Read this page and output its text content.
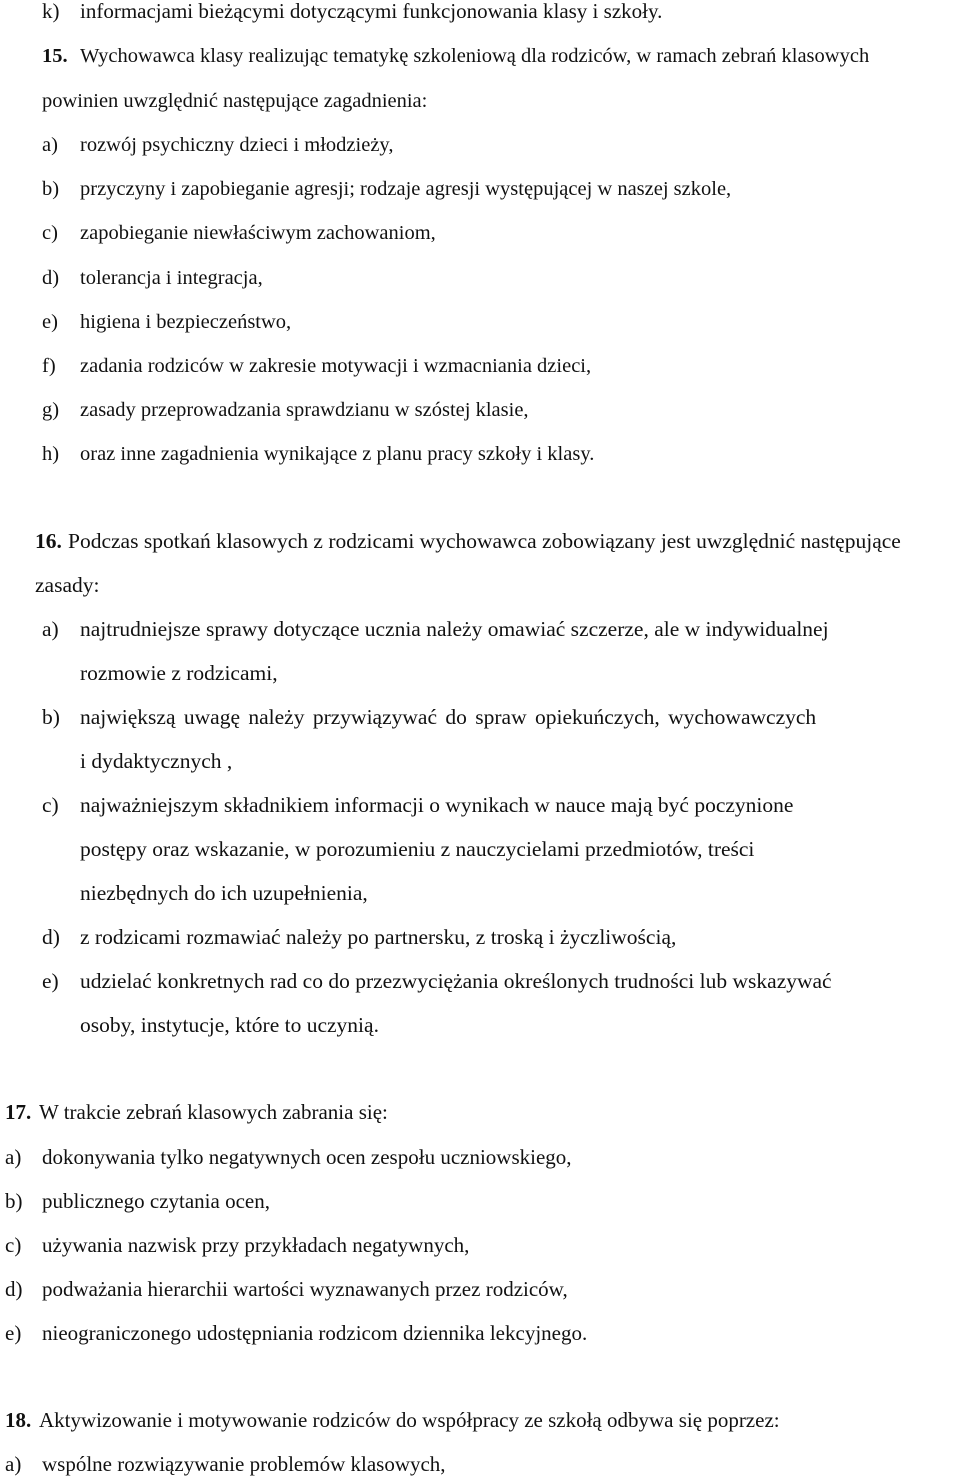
k) informacjami bieżącymi dotyczącymi funkcjonowania klasy i szkoły.
15. Wychowawca klasy realizując tematykę szkoleniową dla rodziców, w ramach zebrań klasowych
powinien uwzględnić następujące zagadnienia:
a) rozwój psychiczny dzieci i młodzieży,
b) przyczyny i zapobieganie agresji; rodzaje agresji występującej w naszej szkole,
c) zapobieganie niewłaściwym zachowaniom,
d) tolerancja i integracja,
e) higiena i bezpieczeństwo,
f) zadania rodziców w zakresie motywacji i wzmacniania dzieci,
g) zasady przeprowadzania sprawdzianu w szóstej klasie,
h) oraz inne zagadnienia wynikające z planu pracy szkoły i klasy.
16. Podczas spotkań klasowych z rodzicami wychowawca zobowiązany jest uwzględnić następujące
zasady:
a) najtrudniejsze sprawy dotyczące ucznia należy omawiać szczerze, ale w indywidualnej
rozmowie z rodzicami,
b) największą uwagę należy przywiązywać do spraw opiekuńczych, wychowawczych
i dydaktycznych ,
c) najważniejszym składnikiem informacji o wynikach w nauce mają być poczynione
postępy oraz wskazanie, w porozumieniu z nauczycielami przedmiotów, treści
niezbędnych do ich uzupełnienia,
d) z rodzicami rozmawiać należy po partnersku, z troską i życzliwością,
e) udzielać konkretnych rad co do przezwyciężania określonych trudności lub wskazywać
osoby, instytucje, które to uczynią.
17. W trakcie zebrań klasowych zabrania się:
a) dokonywania tylko negatywnych ocen zespołu uczniowskiego,
b) publicznego czytania ocen,
c) używania nazwisk przy przykładach negatywnych,
d) podważania hierarchii wartości wyznawanych przez rodziców,
e) nieograniczonego udostępniania rodzicom dziennika lekcyjnego.
18. Aktywizowanie i motywowanie rodziców do współpracy ze szkołą odbywa się poprzez:
a) wspólne rozwiązywanie problemów klasowych,
